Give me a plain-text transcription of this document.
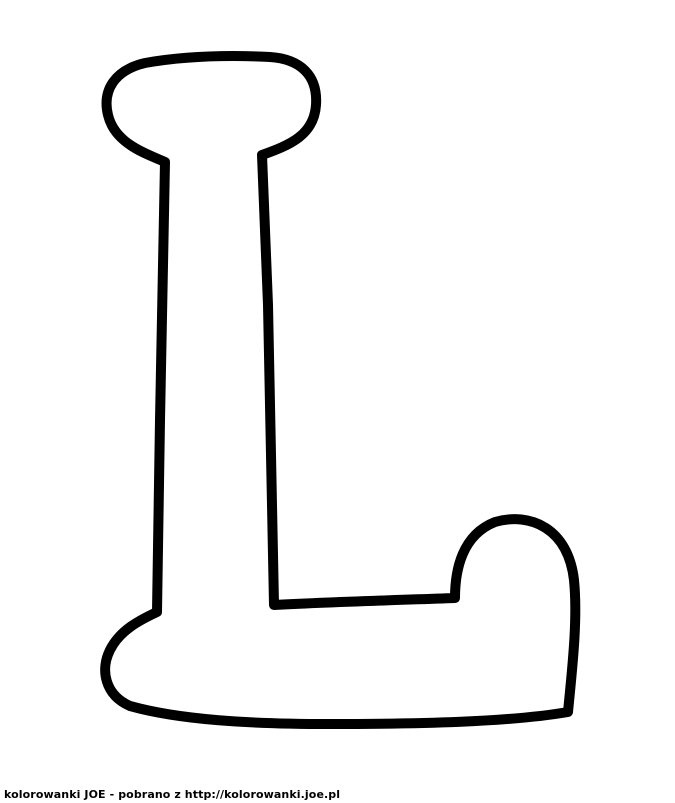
kolorowanki JOE - pobrano z http://kolorowanki.joe.pl
